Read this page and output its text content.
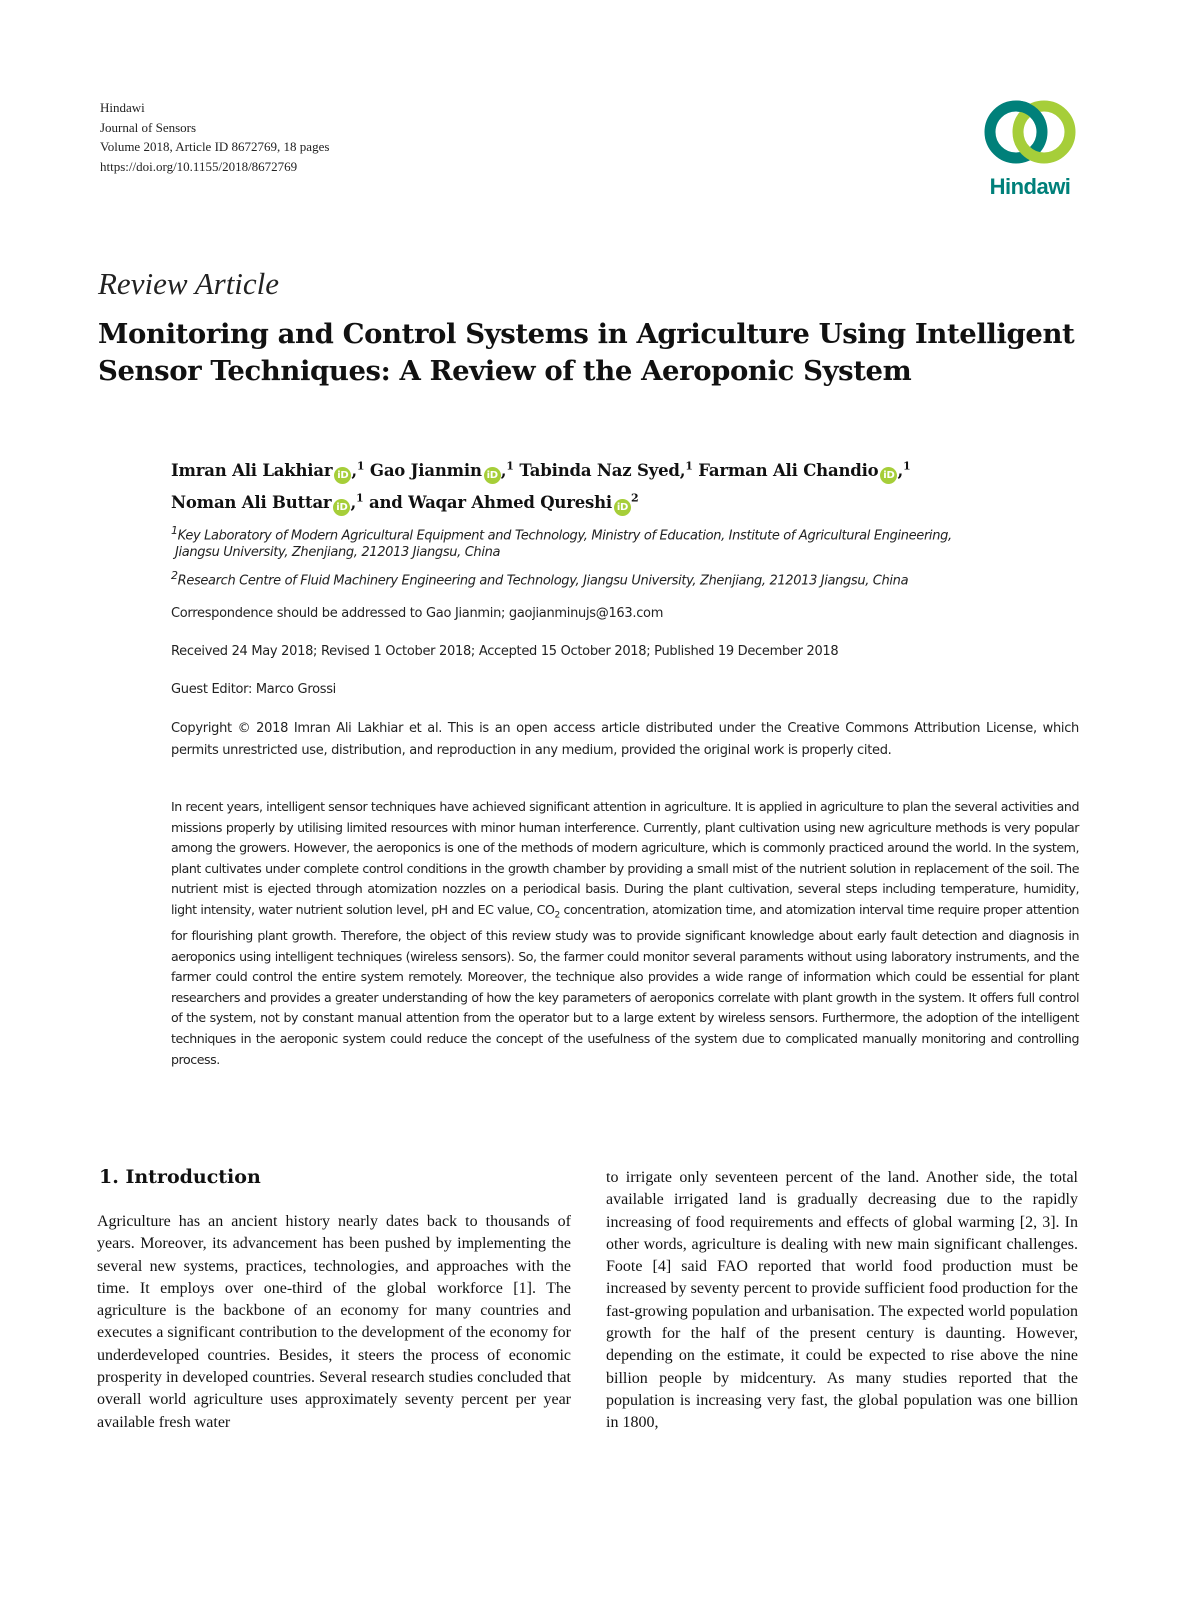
Hindawi
Journal of Sensors
Volume 2018, Article ID 8672769, 18 pages
https://doi.org/10.1155/2018/8672769
Hindawi
Review Article
Monitoring and Control Systems in Agriculture Using Intelligent Sensor Techniques: A Review of the Aeroponic System
Imran Ali Lakhiar iD ,$^1$ Gao Jianmin iD ,$^1$ Tabinda Naz Syed,$^1$ Farman Ali Chandio iD ,$^1$
Noman Ali Buttar iD ,$^1$ and Waqar Ahmed Qureshi $iD^2$
$^1$Key Laboratory of Modern Agricultural Equipment and Technology, Ministry of Education, Institute of Agricultural Engineering,
Jiangsu University, Zhenjiang, 212013 Jiangsu, China
$^2$Research Centre of Fluid Machinery Engineering and Technology, Jiangsu University, Zhenjiang, 212013 Jiangsu, China
Correspondence should be addressed to Gao Jianmin; gaojianminujs@163.com
Received 24 May 2018; Revised 1 October 2018; Accepted 15 October 2018; Published 19 December 2018
Guest Editor: Marco Grossi

Copyright © 2018 Imran Ali Lakhiar et al. This is an open access article distributed under the Creative Commons Attribution License, which permits unrestricted use, distribution, and reproduction in any medium, provided the original work is properly cited.

In recent years, intelligent sensor techniques have achieved significant attention in agriculture. It is applied in agriculture to plan the several activities and missions properly by utilising limited resources with minor human interference. Currently, plant cultivation using new agriculture methods is very popular among the growers. However, the aeroponics is one of the methods of modern agriculture, which is commonly practiced around the world. In the system, plant cultivates under complete control conditions in the growth chamber by providing a small mist of the nutrient solution in replacement of the soil. The nutrient mist is ejected through atomization nozzles on a periodical basis. During the plant cultivation, several steps including temperature, humidity, light intensity, water nutrient solution level, pH and EC value, $CO_2$ concentration, atomization time, and atomization interval time require proper attention for flourishing plant growth. Therefore, the object of this review study was to provide significant knowledge about early fault detection and diagnosis in aeroponics using intelligent techniques (wireless sensors). So, the farmer could monitor several paraments without using laboratory instruments, and the farmer could control the entire system remotely. Moreover, the technique also provides a wide range of information which could be essential for plant researchers and provides a greater understanding of how the key parameters of aeroponics correlate with plant growth in the system. It offers full control of the system, not by constant manual attention from the operator but to a large extent by wireless sensors. Furthermore, the adoption of the intelligent techniques in the aeroponic system could reduce the concept of the usefulness of the system due to complicated manually monitoring and controlling process.

1. Introduction

Agriculture has an ancient history nearly dates back to thousands of years. Moreover, its advancement has been pushed by implementing the several new systems, practices, technologies, and approaches with the time. It employs over one-third of the global workforce [1]. The agriculture is the backbone of an economy for many countries and executes a significant contribution to the development of the economy for underdeveloped countries. Besides, it steers the process of economic prosperity in developed countries. Several research studies concluded that overall world agriculture uses approximately seventy percent per year available fresh water

to irrigate only seventeen percent of the land. Another side, the total available irrigated land is gradually decreasing due to the rapidly increasing of food requirements and effects of global warming [2, 3]. In other words, agriculture is dealing with new main significant challenges. Foote [4] said FAO reported that world food production must be increased by seventy percent to provide sufficient food production for the fast-growing population and urbanisation. The expected world population growth for the half of the present century is daunting. However, depending on the estimate, it could be expected to rise above the nine billion people by midcentury. As many studies reported that the population is increasing very fast, the global population was one billion in 1800,
